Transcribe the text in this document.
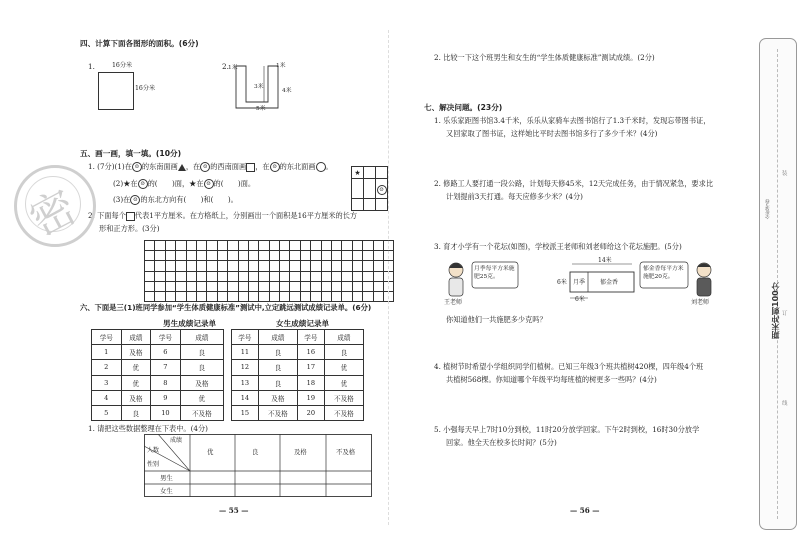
四、计算下面各图形的面积。(6分)
1.	16分米
16分米
2. 1米
3米
1米
4米
5米
五、画一画，填一填。(10分)
1. (7分)(1)在 ☺ 的东南面画 ，在 ☺ 的西南面画 ，在 ☺ 的东北面画 。
(2)★在 ☺ 的(　　)面，★在 ☺ 的(　　)面。
(3)在 ☺ 的东北方向有(　　)和(　　)。
★		
		☺

2. 下面每个 代表1平方厘米。在方格纸上，分别画出一个面积是16平方厘米的长方
形和正方形。(3分)

六、下面是三(1)班同学参加“学生体质健康标准”测试中,立定跳远测试成绩记录单。(6分)
男生成绩记录单	女生成绩记录单
学号	成绩	学号	成绩
1	及格	6	良
2	优	7	良
3	优	8	及格
4	及格	9	优
5	良	10	不及格
学号	成绩	学号	成绩
11	良	16	良
12	良	17	优
13	良	18	优
14	及格	19	不及格
15	不及格	20	不及格
1. 请把这些数据整理在下表中。(4分)
成绩
人数
性别
优	良	及格	不及格
男生
女生
— 55 —
密
2. 比较一下这个班男生和女生的“学生体质健康标准”测试成绩。(2分)
七、解决问题。(23分)
1. 乐乐家距图书馆3.4千米，乐乐从家骑车去图书馆行了1.3千米时，发现忘带图书证，
又回家取了图书证，这样她比平时去图书馆多行了多少千米？(4分)
2. 修路工人要打通一段公路，计划每天修45米，12天完成任务，由于情况紧急，要求比
计划提前3天打通。每天应修多少米？(4分)
3. 育才小学有一个花坛(如图)，学校派王老师和刘老师给这个花坛施肥。(5分)
月季每平方米施肥25克。
郁金香每平方米施肥20克。
王老师	刘老师
14米
6米 月季 郁金香
6米
你知道他们一共施肥多少克吗？
4. 植树节时希望小学组织同学们植树。已知三年级3个班共植树420棵，四年级4个班
共植树568棵。你知道哪个年级平均每班植的树更多一些吗？(4分)
5. 小强每天早上7时10分到校，11时20分放学回家。下午2时到校，16时30分放学
回家。他全天在校多长时间？(5分)
— 56 —
期末冲刺100分
全优考卷
装
订
线
